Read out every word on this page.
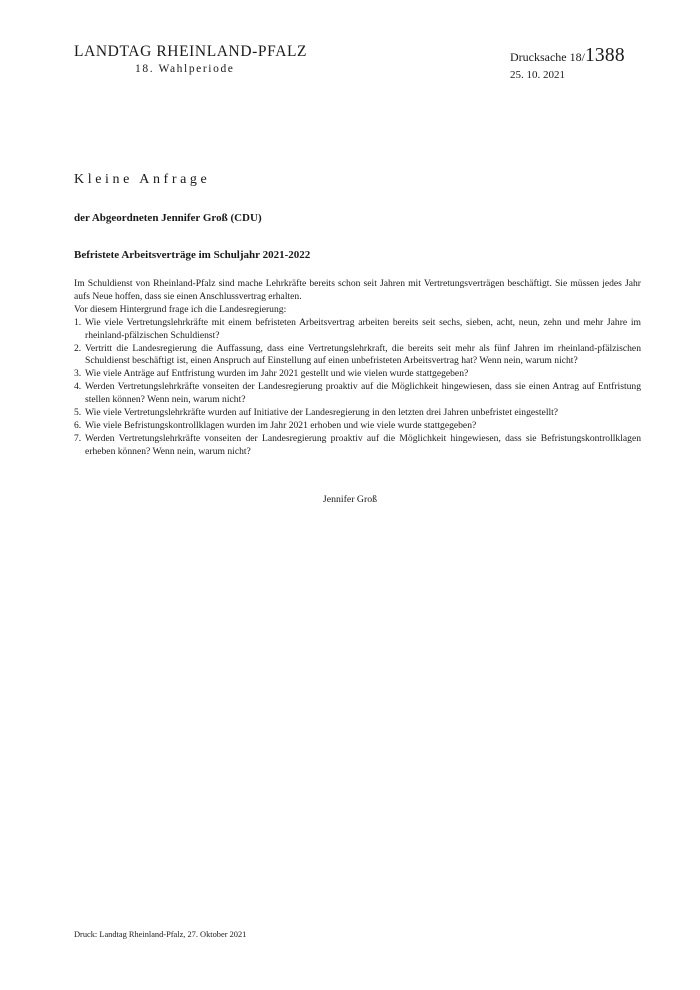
LANDTAG RHEINLAND-PFALZ
18. Wahlperiode
Drucksache 18/1388
25. 10. 2021
Kleine Anfrage
der Abgeordneten Jennifer Groß (CDU)
Befristete Arbeitsverträge im Schuljahr 2021-2022

Im Schuldienst von Rheinland-Pfalz sind mache Lehrkräfte bereits schon seit Jahren mit Vertretungsverträgen beschäftigt. Sie müssen jedes Jahr aufs Neue hoffen, dass sie einen Anschlussvertrag erhalten.

Vor diesem Hintergrund frage ich die Landesregierung:

1. Wie viele Vertretungslehrkräfte mit einem befristeten Arbeitsvertrag arbeiten bereits seit sechs, sieben, acht, neun, zehn und mehr Jahre im rheinland-pfälzischen Schuldienst?
2. Vertritt die Landesregierung die Auffassung, dass eine Vertretungslehrkraft, die bereits seit mehr als fünf Jahren im rheinland-pfälzischen Schuldienst beschäftigt ist, einen Anspruch auf Einstellung auf einen unbefristeten Arbeitsvertrag hat? Wenn nein, warum nicht?
3. Wie viele Anträge auf Entfristung wurden im Jahr 2021 gestellt und wie vielen wurde stattgegeben?
4. Werden Vertretungslehrkräfte vonseiten der Landesregierung proaktiv auf die Möglichkeit hingewiesen, dass sie einen Antrag auf Entfristung stellen können? Wenn nein, warum nicht?
5. Wie viele Vertretungslehrkräfte wurden auf Initiative der Landesregierung in den letzten drei Jahren unbefristet eingestellt?
6. Wie viele Befristungskontrollklagen wurden im Jahr 2021 erhoben und wie viele wurde stattgegeben?
7. Werden Vertretungslehrkräfte vonseiten der Landesregierung proaktiv auf die Möglichkeit hingewiesen, dass sie Befristungskontrollklagen erheben können? Wenn nein, warum nicht?
Jennifer Groß
Druck: Landtag Rheinland-Pfalz, 27. Oktober 2021
